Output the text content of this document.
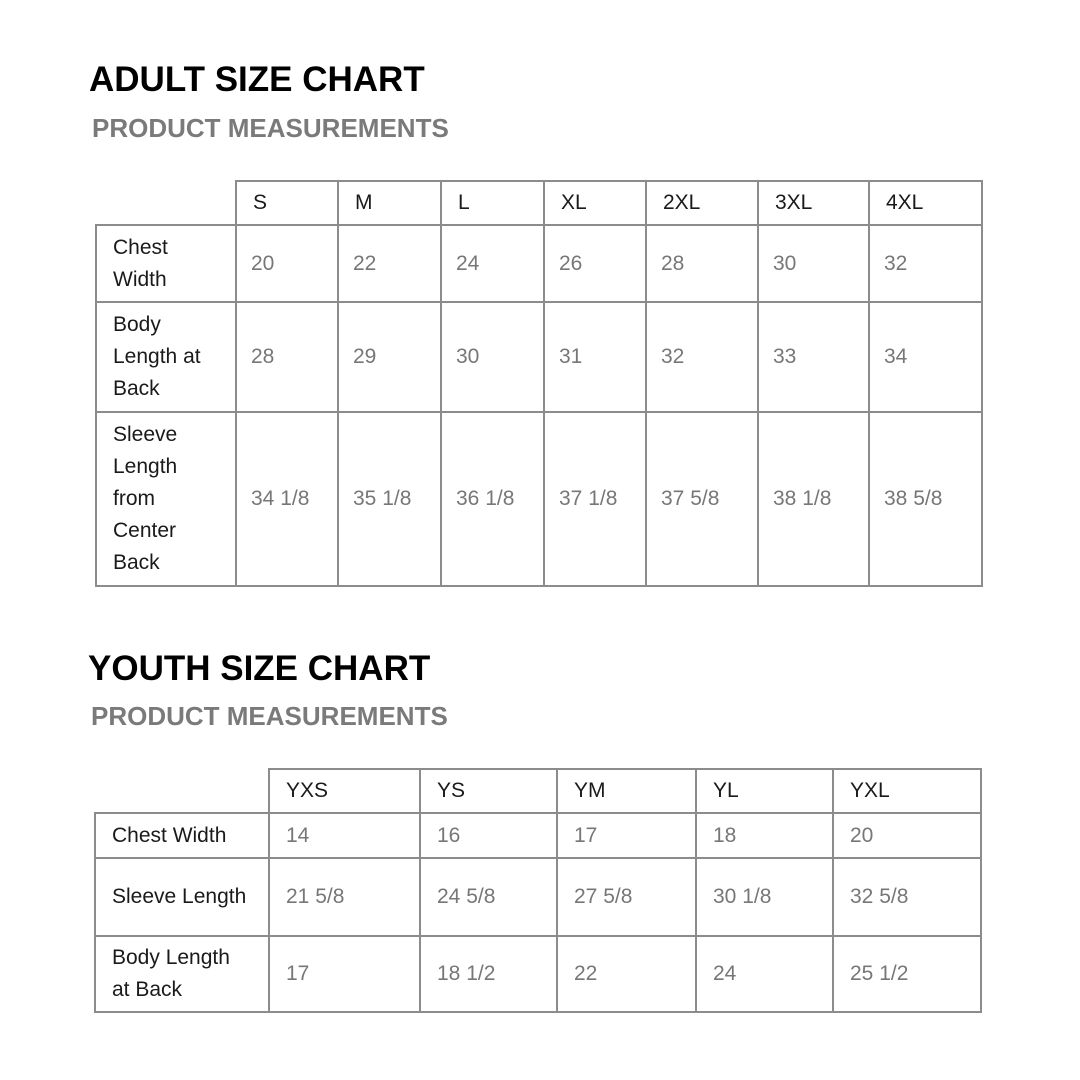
ADULT SIZE CHART
PRODUCT MEASUREMENTS
	S	M	L	XL	2XL	3XL	4XL
Chest Width	20	22	24	26	28	30	32
Body Length at Back	28	29	30	31	32	33	34
Sleeve Length from Center Back	34 1/8	35 1/8	36 1/8	37 1/8	37 5/8	38 1/8	38 5/8
YOUTH SIZE CHART
PRODUCT MEASUREMENTS
	YXS	YS	YM	YL	YXL
Chest Width	14	16	17	18	20
Sleeve Length	21 5/8	24 5/8	27 5/8	30 1/8	32 5/8
Body Length at Back	17	18 1/2	22	24	25 1/2
